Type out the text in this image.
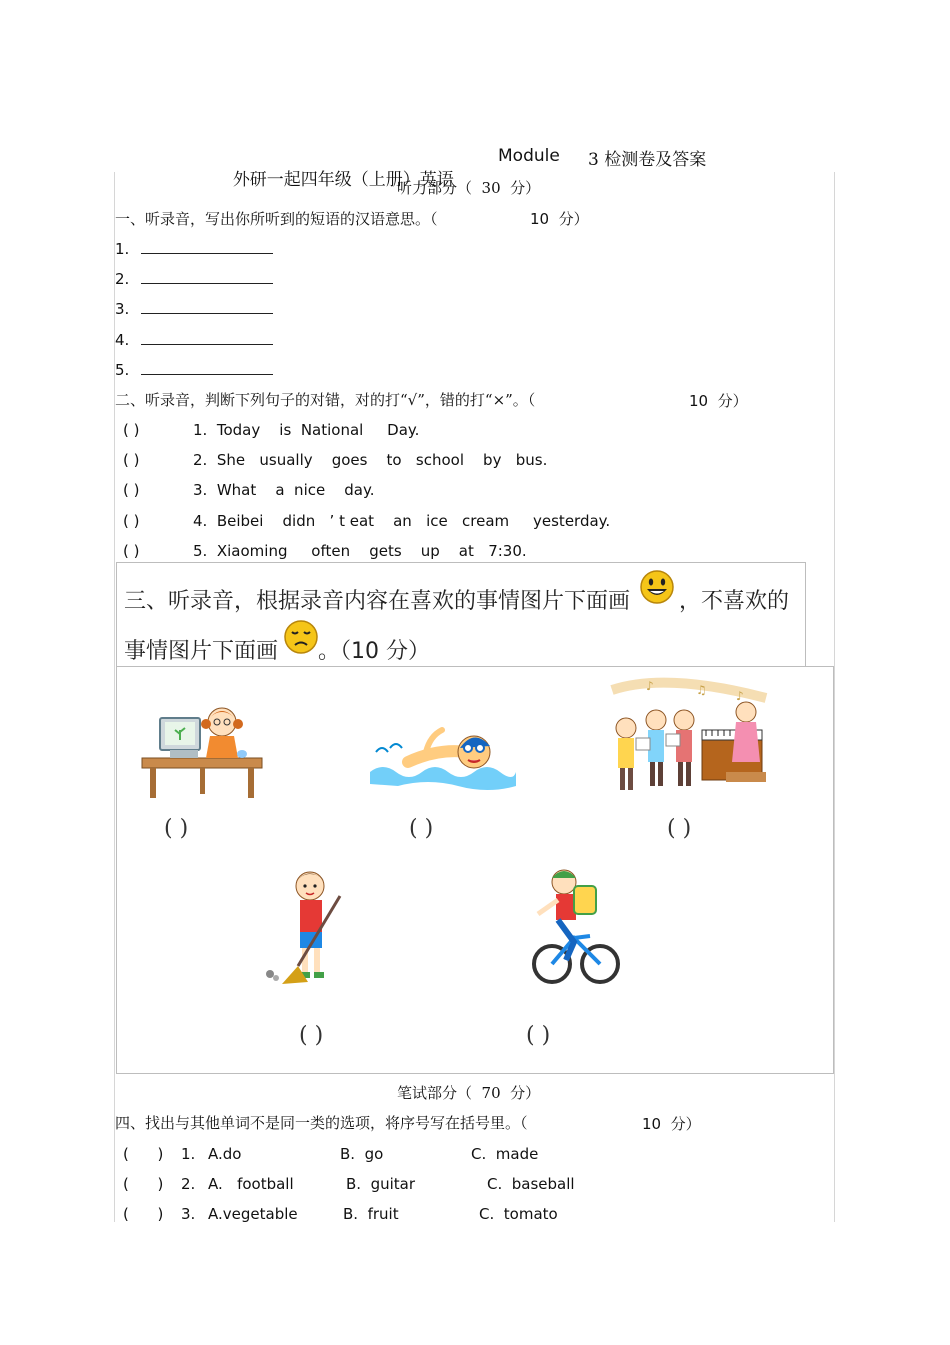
外研一起四年级（上册）英语

Module 3 检测卷及答案
听力部分（  30  分）
一、听录音，写出你所听到的短语的汉语意思。（	10  分）
1.
2.
3.
4.
5.
二、听录音，判断下列句子的对错，对的打“√”，错的打“×”。（	10  分）
( )	1.  Today    is  National     Day.
( )	2.  She   usually    goes    to   school    by   bus.
( )	3.  What    a  nice    day.
( )	4.  Beibei    didn   ’ t eat    an   ice   cream     yesterday.
( )	5.  Xiaoming     often    gets    up    at   7:30.
三、听录音，根据录音内容在喜欢的事情图片下面画 ，不喜欢的
事情图片下面画 。（10 分）
♪	♫ ♪
( )	( )	( )
( )	( )
笔试部分（  70  分）
四、找出与其他单词不是同一类的选项，将序号写在括号里。（	10  分）
(      )	1. A.do	B.  go	C.  made
(      )	2. A.   football	B.  guitar	C.  baseball
(      )	3. A.vegetable	B.  fruit	C.  tomato
